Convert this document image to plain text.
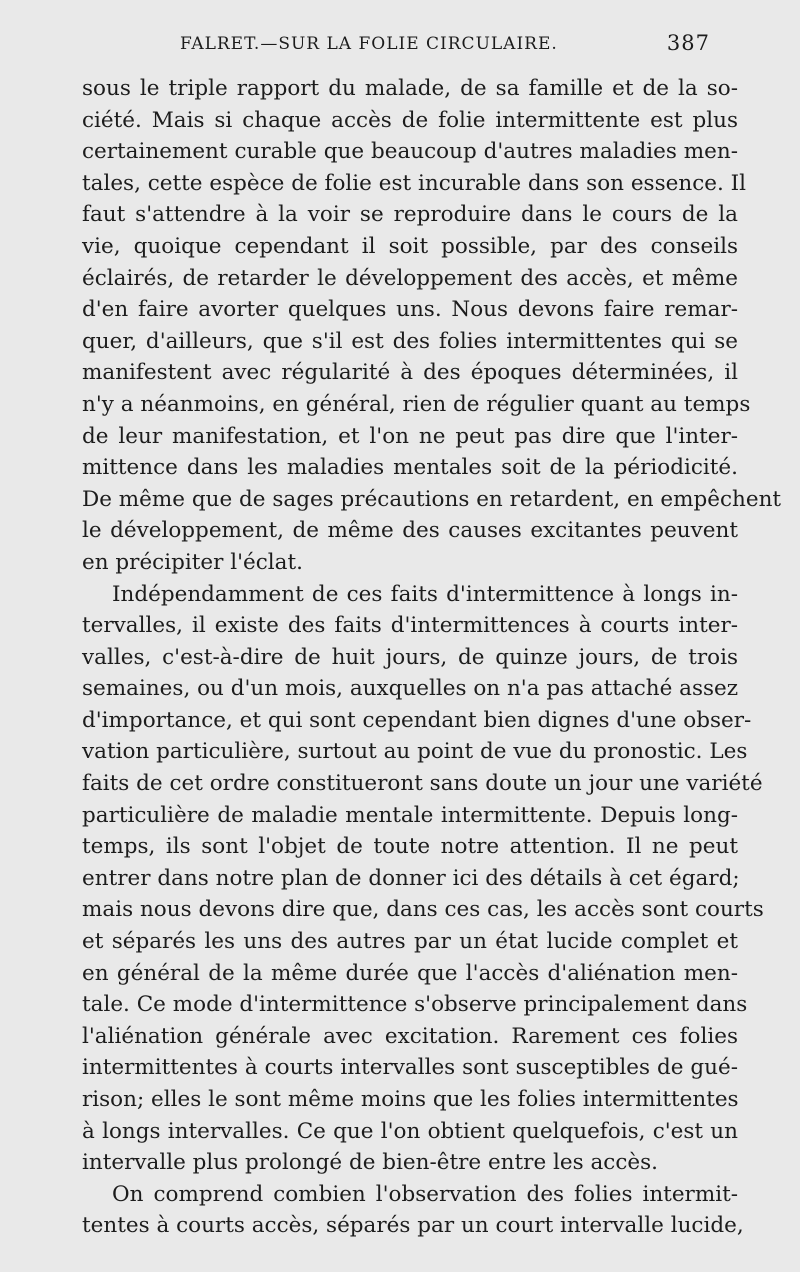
FALRET.—SUR LA FOLIE CIRCULAIRE.	387
sous le triple rapport du malade, de sa famille et de la so-
ciété. Mais si chaque accès de folie intermittente est plus
certainement curable que beaucoup d'autres maladies men-
tales, cette espèce de folie est incurable dans son essence. Il
faut s'attendre à la voir se reproduire dans le cours de la
vie, quoique cependant il soit possible, par des conseils
éclairés, de retarder le développement des accès, et même
d'en faire avorter quelques uns. Nous devons faire remar-
quer, d'ailleurs, que s'il est des folies intermittentes qui se
manifestent avec régularité à des époques déterminées, il
n'y a néanmoins, en général, rien de régulier quant au temps
de leur manifestation, et l'on ne peut pas dire que l'inter-
mittence dans les maladies mentales soit de la périodicité.
De même que de sages précautions en retardent, en empêchent
le développement, de même des causes excitantes peuvent
en précipiter l'éclat.
Indépendamment de ces faits d'intermittence à longs in-
tervalles, il existe des faits d'intermittences à courts inter-
valles, c'est-à-dire de huit jours, de quinze jours, de trois
semaines, ou d'un mois, auxquelles on n'a pas attaché assez
d'importance, et qui sont cependant bien dignes d'une obser-
vation particulière, surtout au point de vue du pronostic. Les
faits de cet ordre constitueront sans doute un jour une variété
particulière de maladie mentale intermittente. Depuis long-
temps, ils sont l'objet de toute notre attention. Il ne peut
entrer dans notre plan de donner ici des détails à cet égard;
mais nous devons dire que, dans ces cas, les accès sont courts
et séparés les uns des autres par un état lucide complet et
en général de la même durée que l'accès d'aliénation men-
tale. Ce mode d'intermittence s'observe principalement dans
l'aliénation générale avec excitation. Rarement ces folies
intermittentes à courts intervalles sont susceptibles de gué-
rison; elles le sont même moins que les folies intermittentes
à longs intervalles. Ce que l'on obtient quelquefois, c'est un
intervalle plus prolongé de bien-être entre les accès.
On comprend combien l'observation des folies intermit-
tentes à courts accès, séparés par un court intervalle lucide,
